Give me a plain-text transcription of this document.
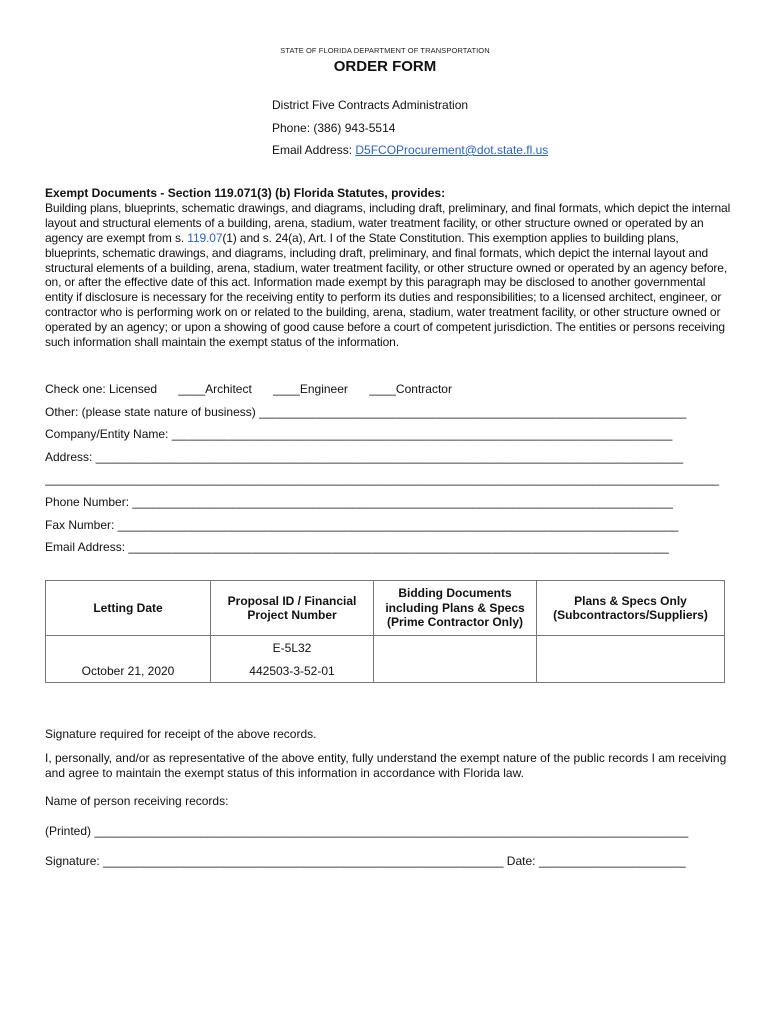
STATE OF FLORIDA DEPARTMENT OF TRANSPORTATION
ORDER FORM
District Five Contracts Administration
Phone: (386) 943-5514
Email Address: D5FCOProcurement@dot.state.fl.us
Exempt Documents - Section 119.071(3) (b) Florida Statutes, provides:
Building plans, blueprints, schematic drawings, and diagrams, including draft, preliminary, and final formats, which depict the internal layout and structural elements of a building, arena, stadium, water treatment facility, or other structure owned or operated by an agency are exempt from s. 119.07(1) and s. 24(a), Art. I of the State Constitution. This exemption applies to building plans, blueprints, schematic drawings, and diagrams, including draft, preliminary, and final formats, which depict the internal layout and structural elements of a building, arena, stadium, water treatment facility, or other structure owned or operated by an agency before, on, or after the effective date of this act. Information made exempt by this paragraph may be disclosed to another governmental entity if disclosure is necessary for the receiving entity to perform its duties and responsibilities; to a licensed architect, engineer, or contractor who is performing work on or related to the building, arena, stadium, water treatment facility, or other structure owned or operated by an agency; or upon a showing of good cause before a court of competent jurisdiction. The entities or persons receiving such information shall maintain the exempt status of the information.
Check one: Licensed ____Architect ____Engineer ____Contractor
Other: (please state nature of business) ________________________________________________________________
Company/Entity Name: ___________________________________________________________________________
Address: ________________________________________________________________________________________
_____________________________________________________________________________________________________
Phone Number: _________________________________________________________________________________
Fax Number: ____________________________________________________________________________________
Email Address: _________________________________________________________________________________
Letting Date	Proposal ID / Financial Project Number	Bidding Documents including Plans & Specs (Prime Contractor Only)	Plans & Specs Only (Subcontractors/Suppliers)
	E-5L32		
October 21, 2020	442503-3-52-01		

Signature required for receipt of the above records.

I, personally, and/or as representative of the above entity, fully understand the exempt nature of the public records I am receiving and agree to maintain the exempt status of this information in accordance with Florida law.

Name of person receiving records:

(Printed) _________________________________________________________________________________________

Signature: ____________________________________________________________ Date: ______________________
